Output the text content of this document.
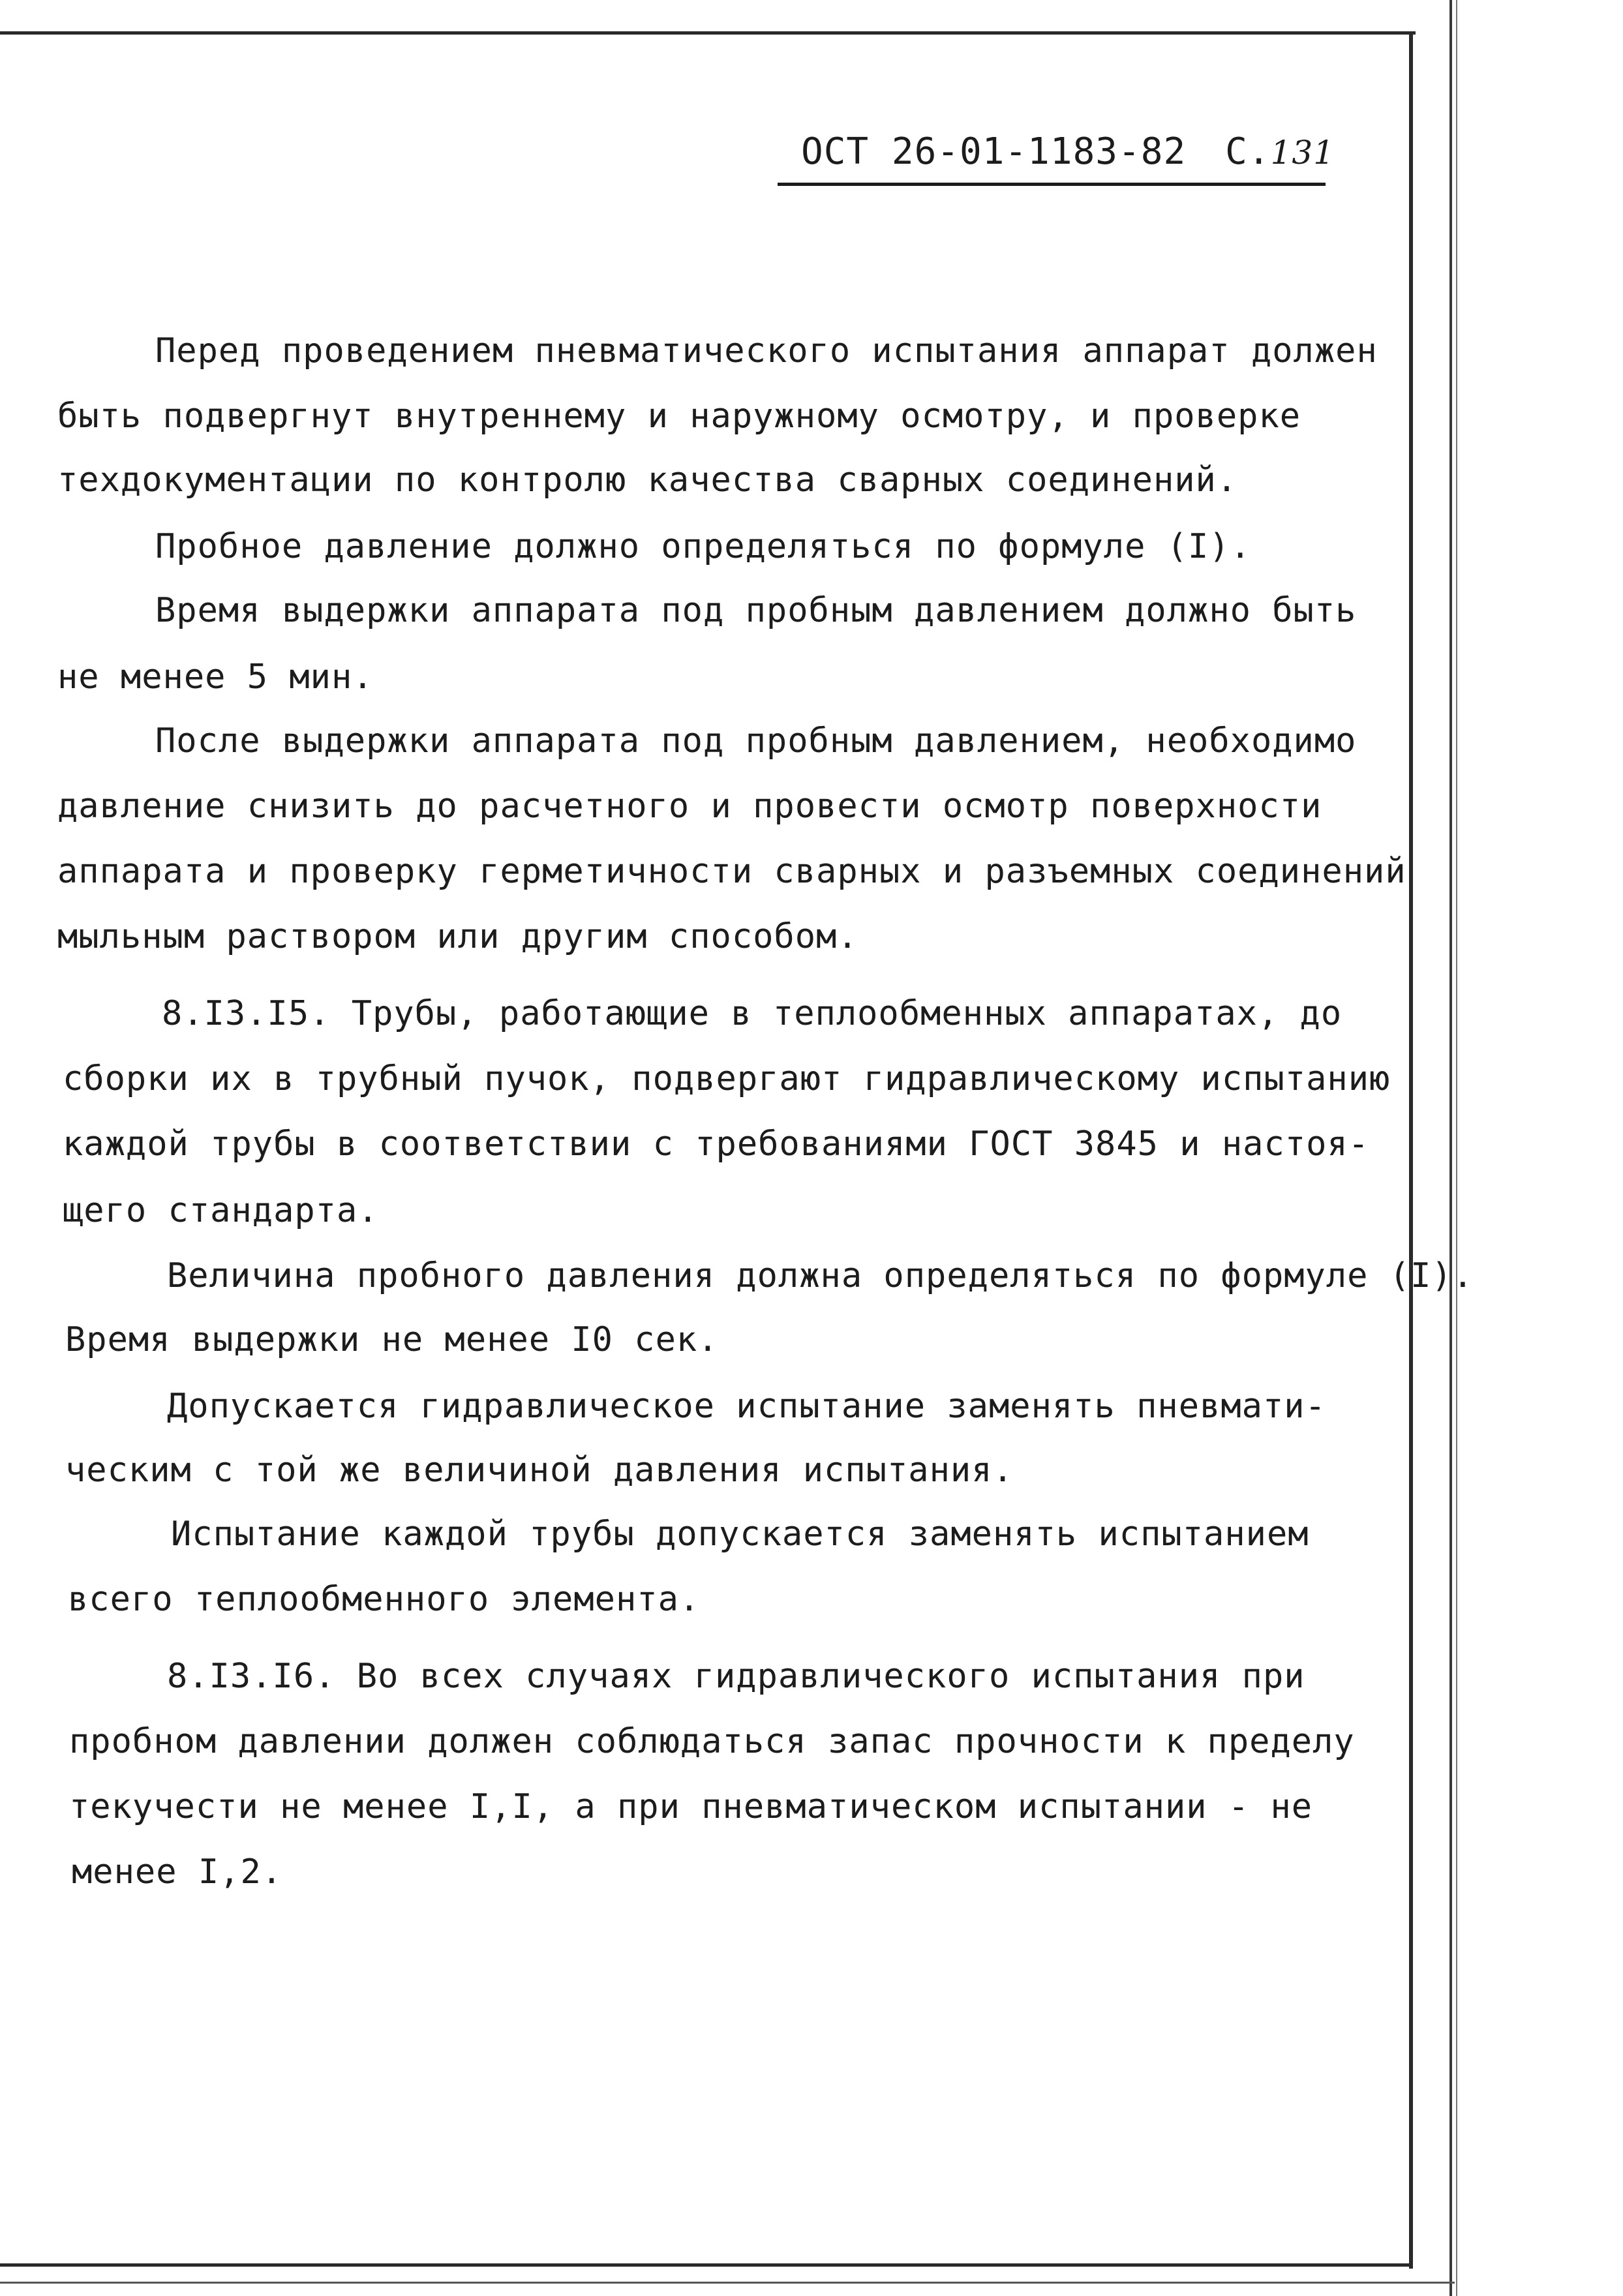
ОСТ 26-01-1183-82 С.131
Перед проведением пневматического испытания аппарат должен
быть подвергнут внутреннему и наружному осмотру, и проверке
техдокументации по контролю качества сварных соединений.
Пробное давление должно определяться по формуле (I).
Время выдержки аппарата под пробным давлением должно быть
не менее 5 мин.
После выдержки аппарата под пробным давлением, необходимо
давление снизить до расчетного и провести осмотр поверхности
аппарата и проверку герметичности сварных и разъемных соединений
мыльным раствором или другим способом.
8.I3.I5. Трубы, работающие в теплообменных аппаратах, до
сборки их в трубный пучок, подвергают гидравлическому испытанию
каждой трубы в соответствии с требованиями ГОСТ 3845 и настоя-
щего стандарта.
Величина пробного давления должна определяться по формуле (I).
Время выдержки не менее I0 сек.
Допускается гидравлическое испытание заменять пневмати-
ческим с той же величиной давления испытания.
Испытание каждой трубы допускается заменять испытанием
всего теплообменного элемента.
8.I3.I6. Во всех случаях гидравлического испытания при
пробном давлении должен соблюдаться запас прочности к пределу
текучести не менее I,I, а при пневматическом испытании - не
менее I,2.
